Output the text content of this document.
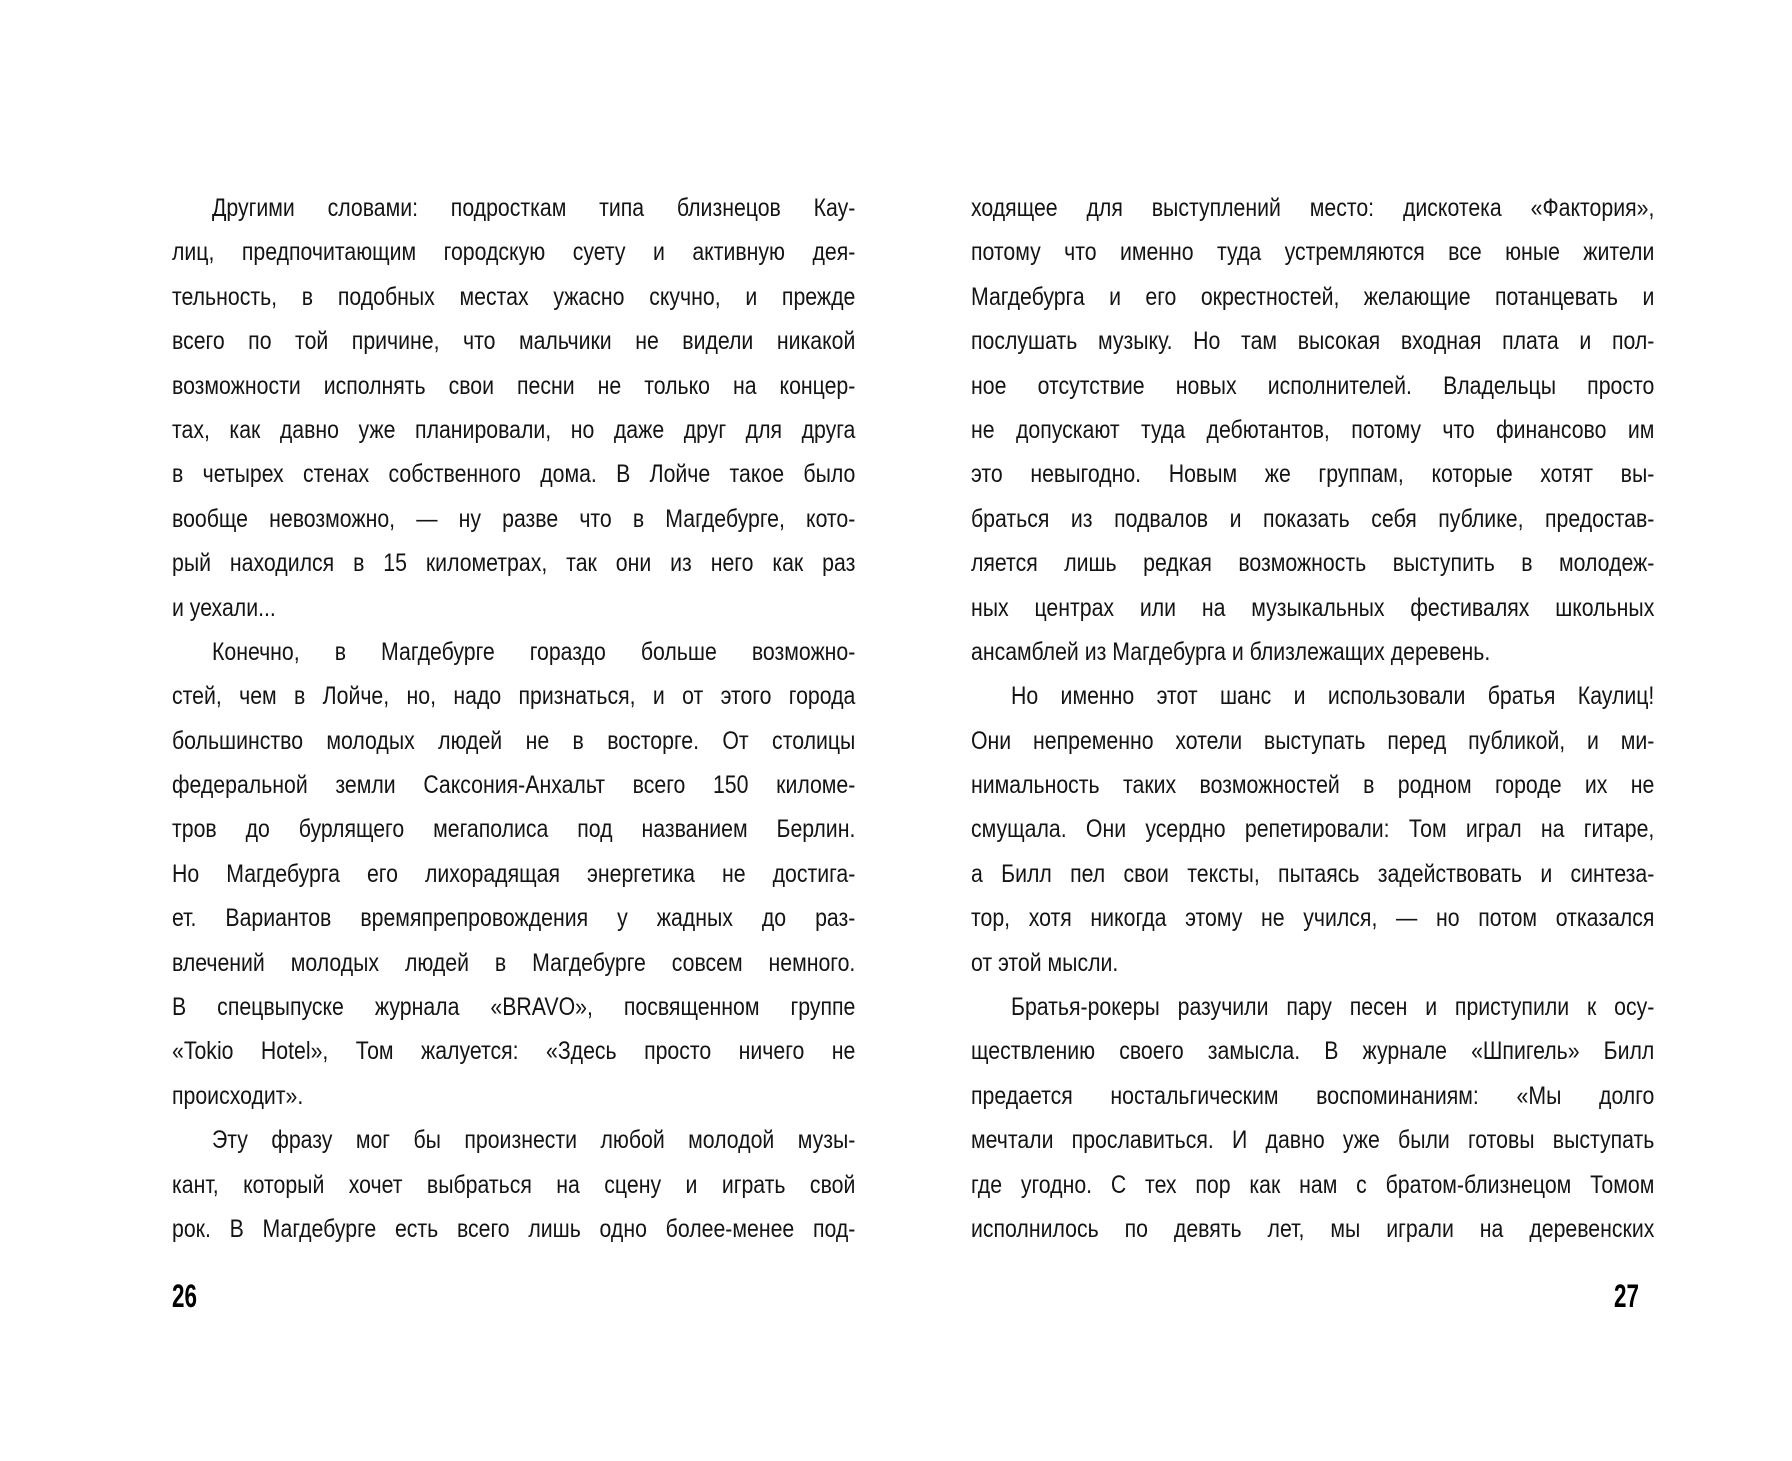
Другими словами: подросткам типа близнецов Кау-
лиц, предпочитающим городскую суету и активную дея-
тельность, в подобных местах ужасно скучно, и прежде
всего по той причине, что мальчики не видели никакой
возможности исполнять свои песни не только на концер-
тах, как давно уже планировали, но даже друг для друга
в четырех стенах собственного дома. В Лойче такое было
вообще невозможно, — ну разве что в Магдебурге, кото-
рый находился в 15 километрах, так они из него как раз
и уехали...
Конечно, в Магдебурге гораздо больше возможно-
стей, чем в Лойче, но, надо признаться, и от этого города
большинство молодых людей не в восторге. От столицы
федеральной земли Саксония-Анхальт всего 150 киломе-
тров до бурлящего мегаполиса под названием Берлин.
Но Магдебурга его лихорадящая энергетика не достига-
ет. Вариантов времяпрепровождения у жадных до раз-
влечений молодых людей в Магдебурге совсем немного.
В спецвыпуске журнала «BRAVO», посвященном группе
«Tokio Hotel», Том жалуется: «Здесь просто ничего не
происходит».
Эту фразу мог бы произнести любой молодой музы-
кант, который хочет выбраться на сцену и играть свой
рок. В Магдебурге есть всего лишь одно более-менее под-
ходящее для выступлений место: дискотека «Фактория»,
потому что именно туда устремляются все юные жители
Магдебурга и его окрестностей, желающие потанцевать и
послушать музыку. Но там высокая входная плата и пол-
ное отсутствие новых исполнителей. Владельцы просто
не допускают туда дебютантов, потому что финансово им
это невыгодно. Новым же группам, которые хотят вы-
браться из подвалов и показать себя публике, предостав-
ляется лишь редкая возможность выступить в молодеж-
ных центрах или на музыкальных фестивалях школьных
ансамблей из Магдебурга и близлежащих деревень.
Но именно этот шанс и использовали братья Каулиц!
Они непременно хотели выступать перед публикой, и ми-
нимальность таких возможностей в родном городе их не
смущала. Они усердно репетировали: Том играл на гитаре,
а Билл пел свои тексты, пытаясь задействовать и синтеза-
тор, хотя никогда этому не учился, — но потом отказался
от этой мысли.
Братья-рокеры разучили пару песен и приступили к осу-
ществлению своего замысла. В журнале «Шпигель» Билл
предается ностальгическим воспоминаниям: «Мы долго
мечтали прославиться. И давно уже были готовы выступать
где угодно. С тех пор как нам с братом-близнецом Томом
исполнилось по девять лет, мы играли на деревенских
26	27
